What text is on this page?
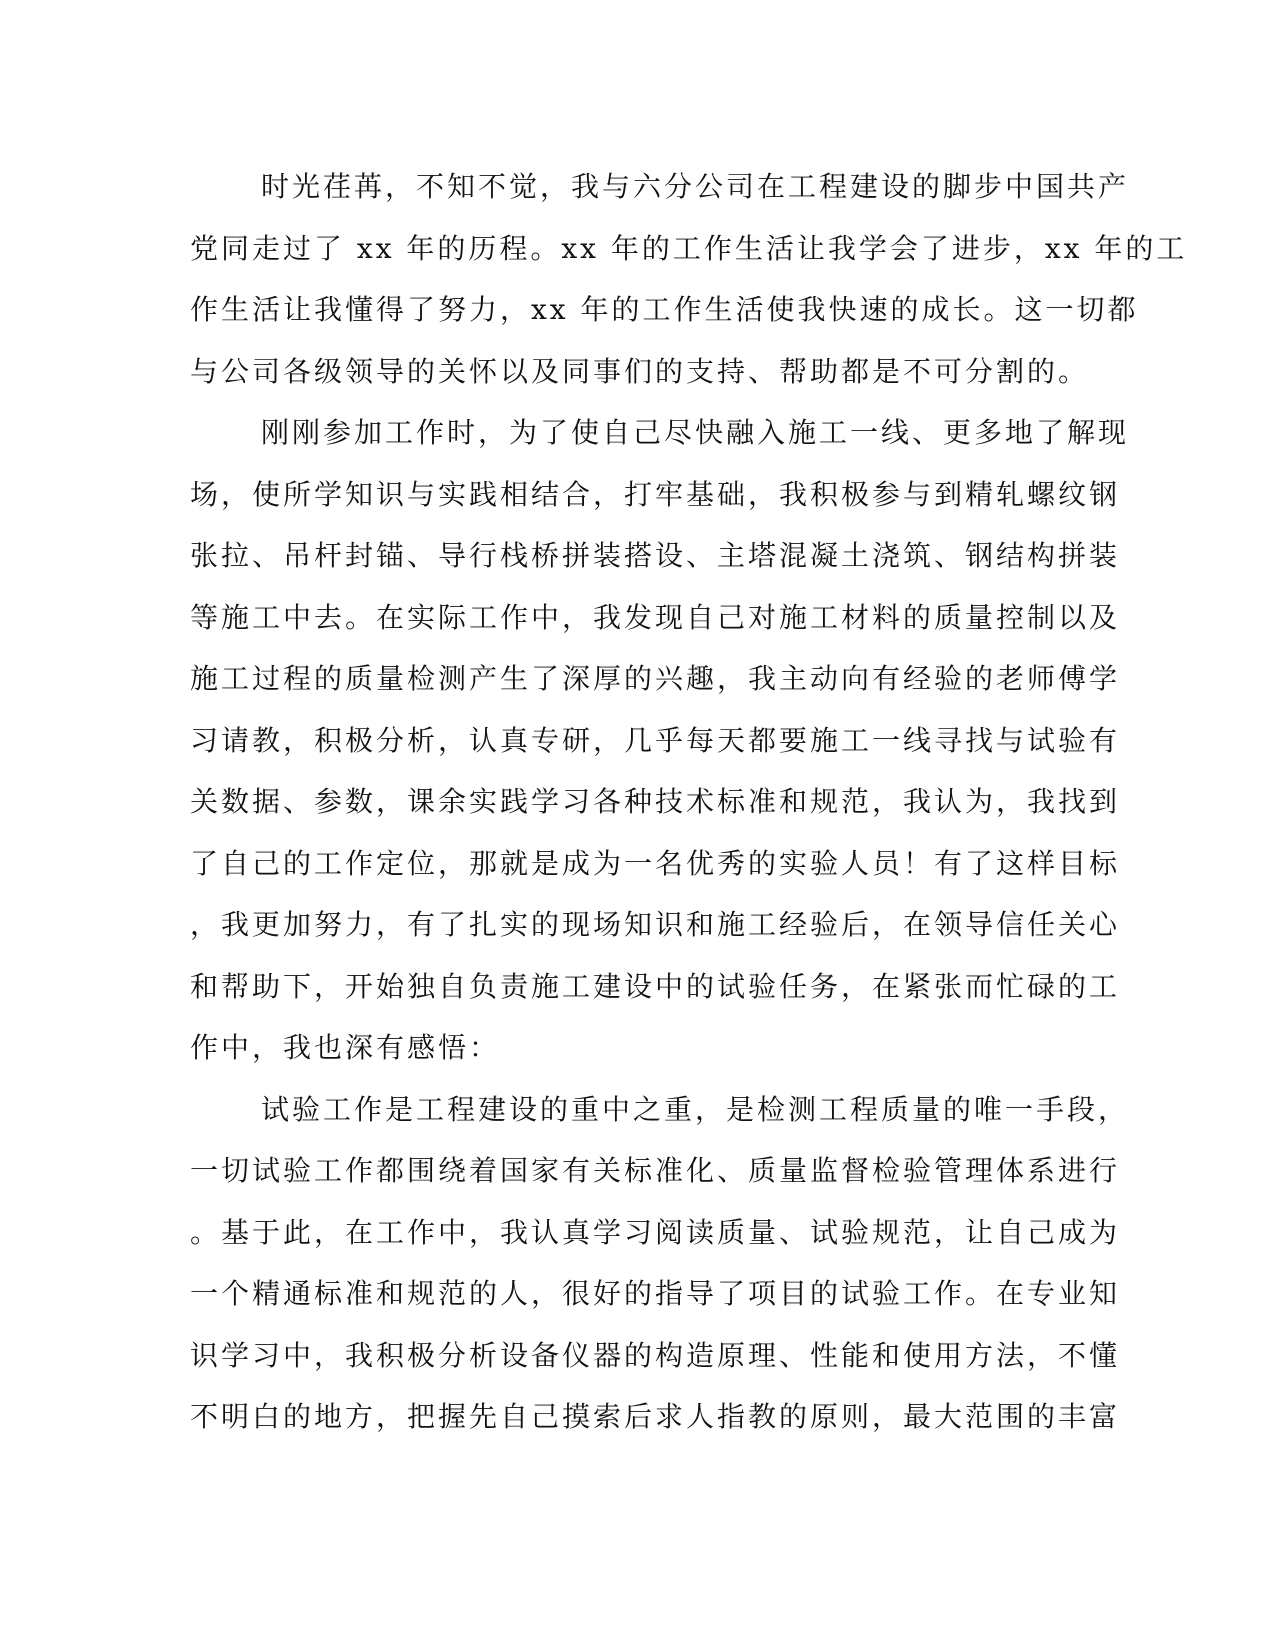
时光荏苒，不知不觉，我与六分公司在工程建设的脚步中国共产
党同走过了 xx 年的历程。xx 年的工作生活让我学会了进步，xx 年的工
作生活让我懂得了努力，xx 年的工作生活使我快速的成长。这一切都
与公司各级领导的关怀以及同事们的支持、帮助都是不可分割的。
刚刚参加工作时，为了使自己尽快融入施工一线、更多地了解现
场，使所学知识与实践相结合，打牢基础，我积极参与到精轧螺纹钢
张拉、吊杆封锚、导行栈桥拼装搭设、主塔混凝土浇筑、钢结构拼装
等施工中去。在实际工作中，我发现自己对施工材料的质量控制以及
施工过程的质量检测产生了深厚的兴趣，我主动向有经验的老师傅学
习请教，积极分析，认真专研，几乎每天都要施工一线寻找与试验有
关数据、参数，课余实践学习各种技术标准和规范，我认为，我找到
了自己的工作定位，那就是成为一名优秀的实验人员！有了这样目标
，我更加努力，有了扎实的现场知识和施工经验后，在领导信任关心
和帮助下，开始独自负责施工建设中的试验任务，在紧张而忙碌的工
作中，我也深有感悟：
试验工作是工程建设的重中之重，是检测工程质量的唯一手段，
一切试验工作都围绕着国家有关标准化、质量监督检验管理体系进行
。基于此，在工作中，我认真学习阅读质量、试验规范，让自己成为
一个精通标准和规范的人，很好的指导了项目的试验工作。在专业知
识学习中，我积极分析设备仪器的构造原理、性能和使用方法，不懂
不明白的地方，把握先自己摸索后求人指教的原则，最大范围的丰富
